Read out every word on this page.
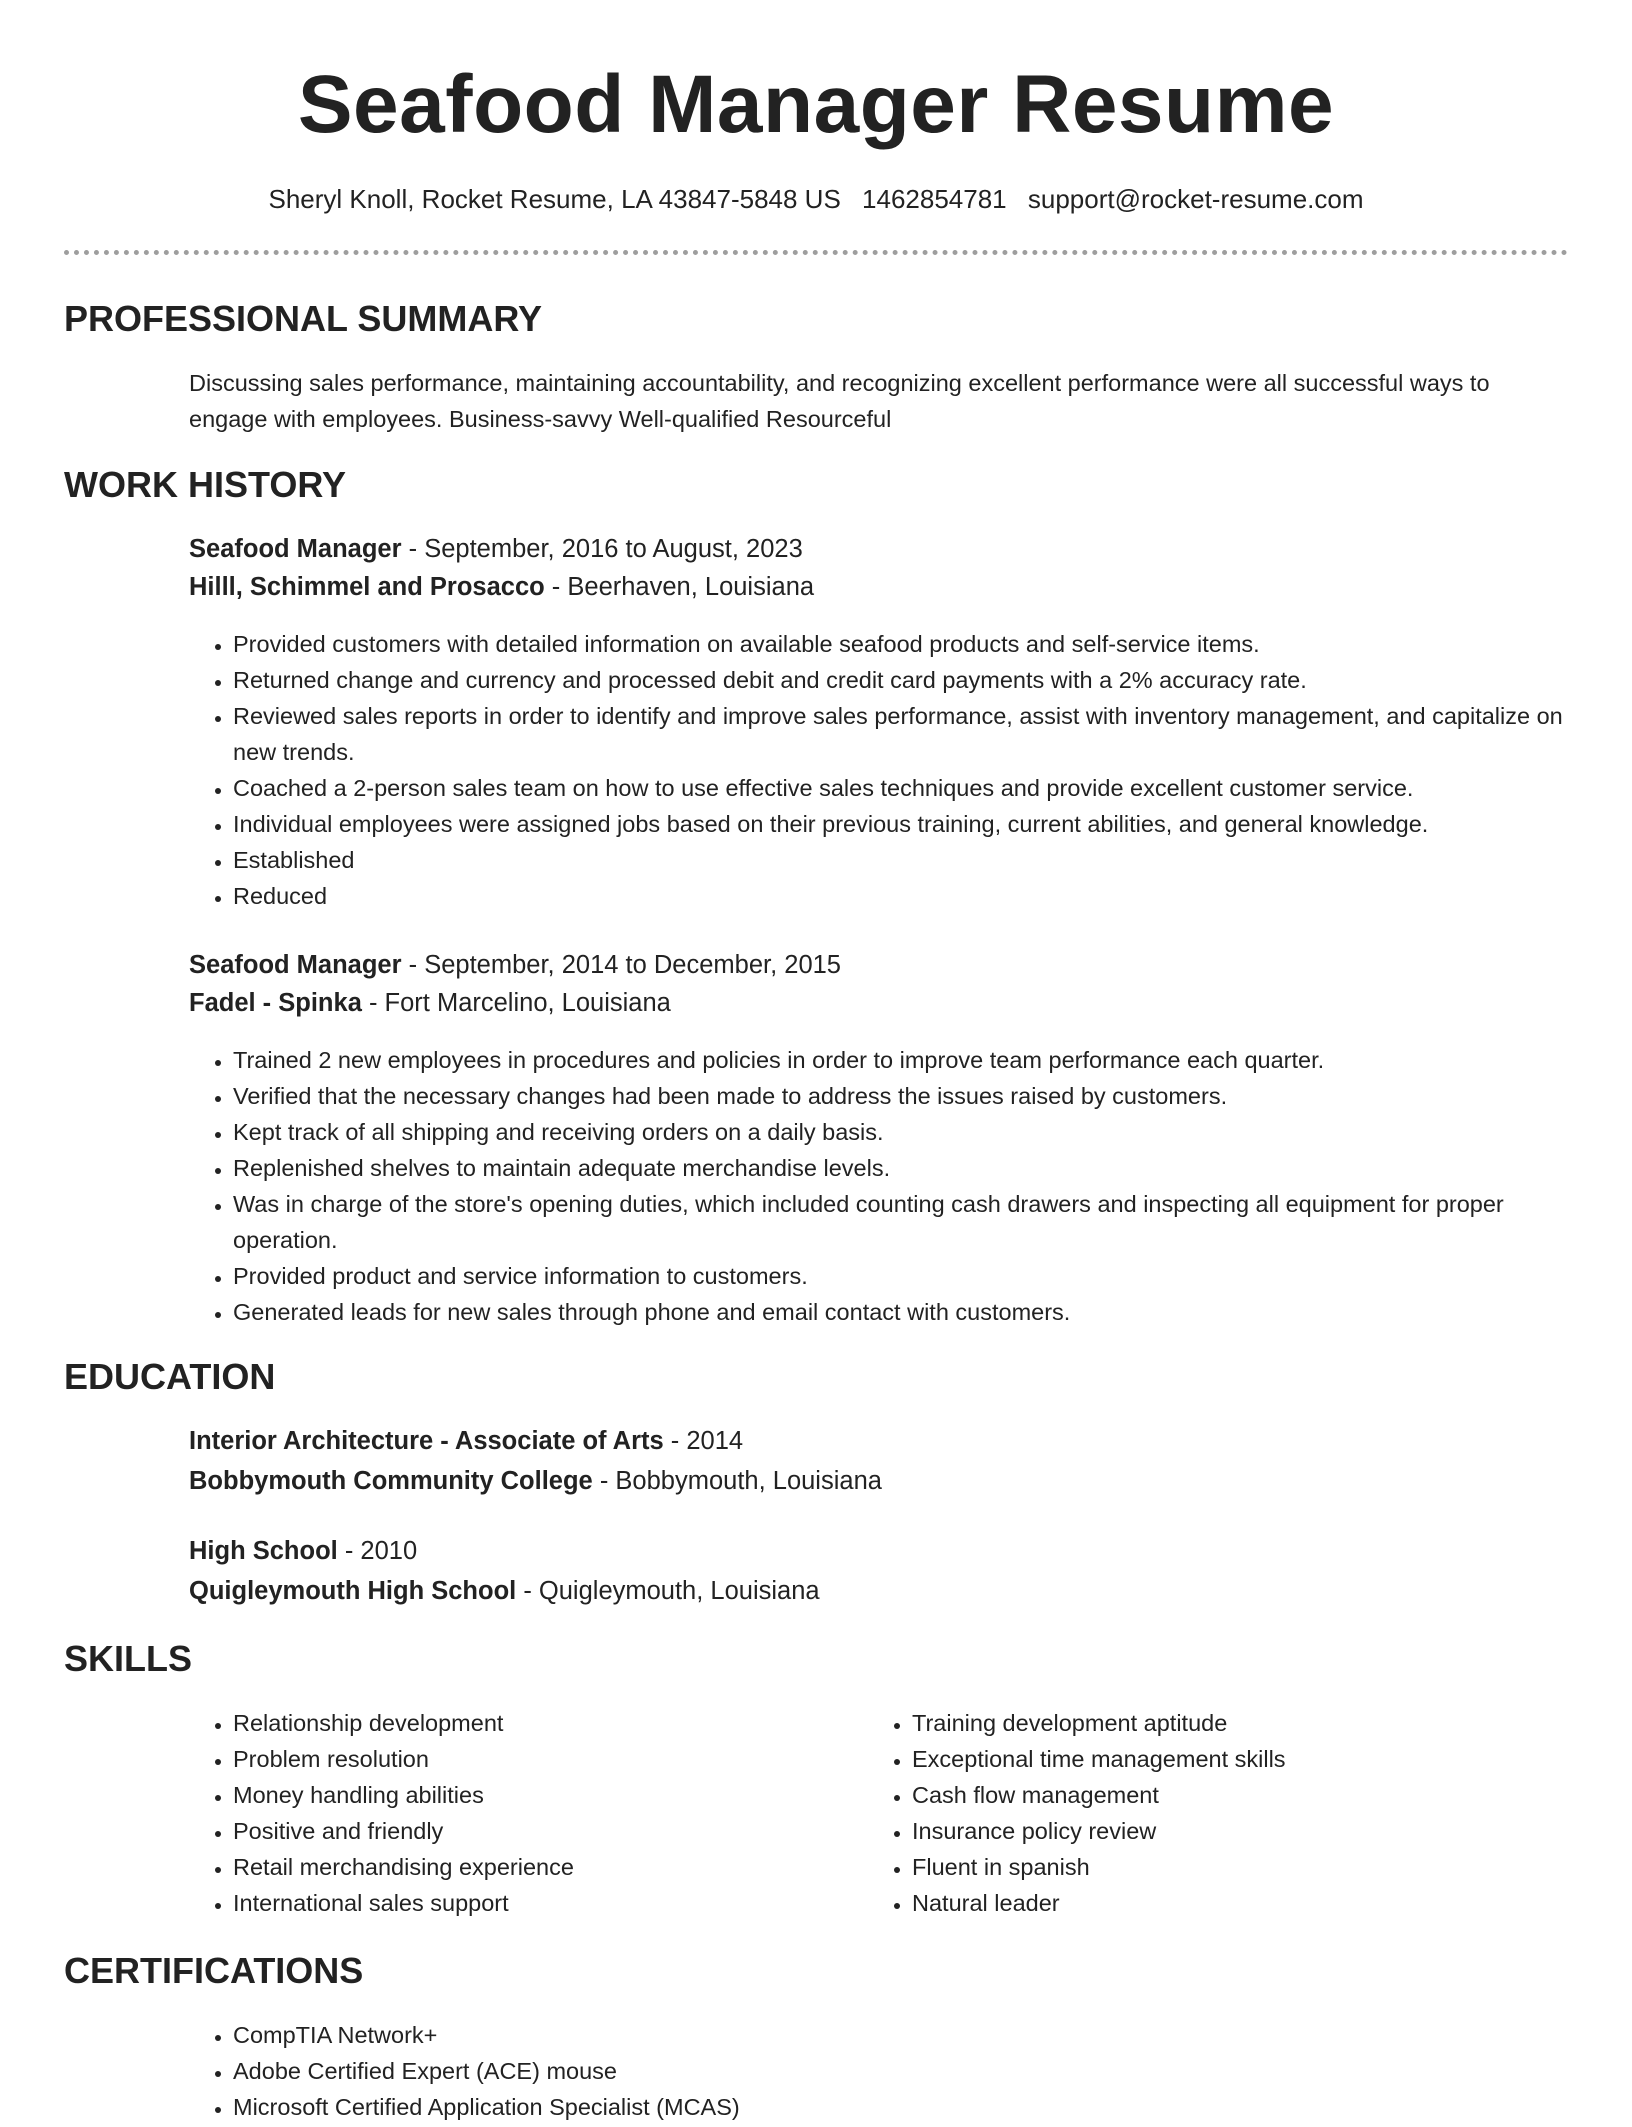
Seafood Manager Resume
Sheryl Knoll, Rocket Resume, LA 43847-5848 US 1462854781 support@rocket-resume.com
PROFESSIONAL SUMMARY
Discussing sales performance, maintaining accountability, and recognizing excellent performance were all successful ways to engage with employees. Business-savvy Well-qualified Resourceful
WORK HISTORY
Seafood Manager - September, 2016 to August, 2023
Hilll, Schimmel and Prosacco - Beerhaven, Louisiana
• Provided customers with detailed information on available seafood products and self-service items.
• Returned change and currency and processed debit and credit card payments with a 2% accuracy rate.
• Reviewed sales reports in order to identify and improve sales performance, assist with inventory management, and capitalize on new trends.
• Coached a 2-person sales team on how to use effective sales techniques and provide excellent customer service.
• Individual employees were assigned jobs based on their previous training, current abilities, and general knowledge.
• Established
• Reduced
Seafood Manager - September, 2014 to December, 2015
Fadel - Spinka - Fort Marcelino, Louisiana
• Trained 2 new employees in procedures and policies in order to improve team performance each quarter.
• Verified that the necessary changes had been made to address the issues raised by customers.
• Kept track of all shipping and receiving orders on a daily basis.
• Replenished shelves to maintain adequate merchandise levels.
• Was in charge of the store's opening duties, which included counting cash drawers and inspecting all equipment for proper operation.
• Provided product and service information to customers.
• Generated leads for new sales through phone and email contact with customers.
EDUCATION
Interior Architecture - Associate of Arts - 2014
Bobbymouth Community College - Bobbymouth, Louisiana
High School - 2010
Quigleymouth High School - Quigleymouth, Louisiana
SKILLS
• Relationship development
• Problem resolution
• Money handling abilities
• Positive and friendly
• Retail merchandising experience
• International sales support
• Training development aptitude
• Exceptional time management skills
• Cash flow management
• Insurance policy review
• Fluent in spanish
• Natural leader
CERTIFICATIONS
• CompTIA Network+
• Adobe Certified Expert (ACE) mouse
• Microsoft Certified Application Specialist (MCAS)
